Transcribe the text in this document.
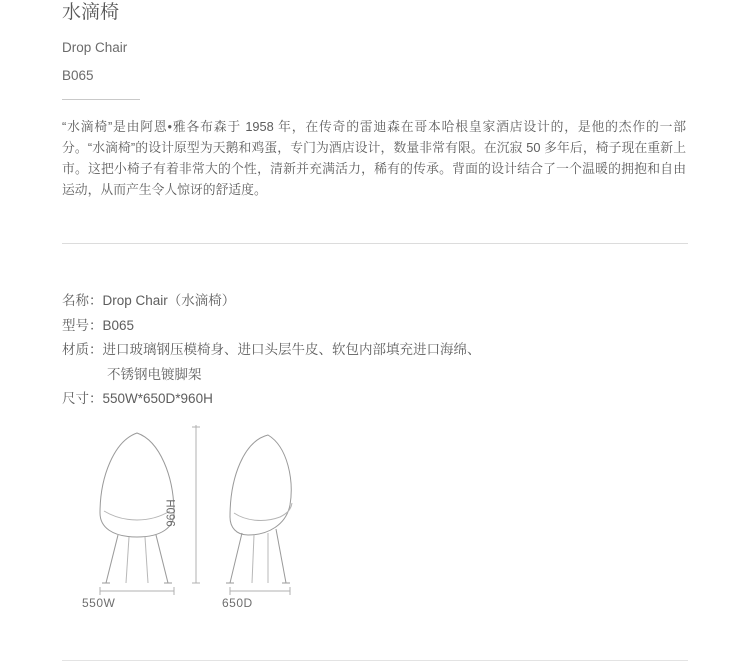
水滴椅
Drop Chair
B065
“水滴椅”是由阿恩•雅各布森于 1958 年，在传奇的雷迪森在哥本哈根皇家酒店设计的，是他的杰作的一部分。“水滴椅”的设计原型为天鹅和鸡蛋，专门为酒店设计，数量非常有限。在沉寂 50 多年后，椅子现在重新上市。这把小椅子有着非常大的个性，清新并充满活力，稀有的传承。背面的设计结合了一个温暖的拥抱和自由运动，从而产生令人惊讶的舒适度。
名称：Drop Chair（水滴椅）
型号：B065
材质：进口玻璃钢压模椅身、进口头层牛皮、软包内部填充进口海绵、
不锈钢电镀脚架
尺寸：550W*650D*960H
960H
550W	650D
